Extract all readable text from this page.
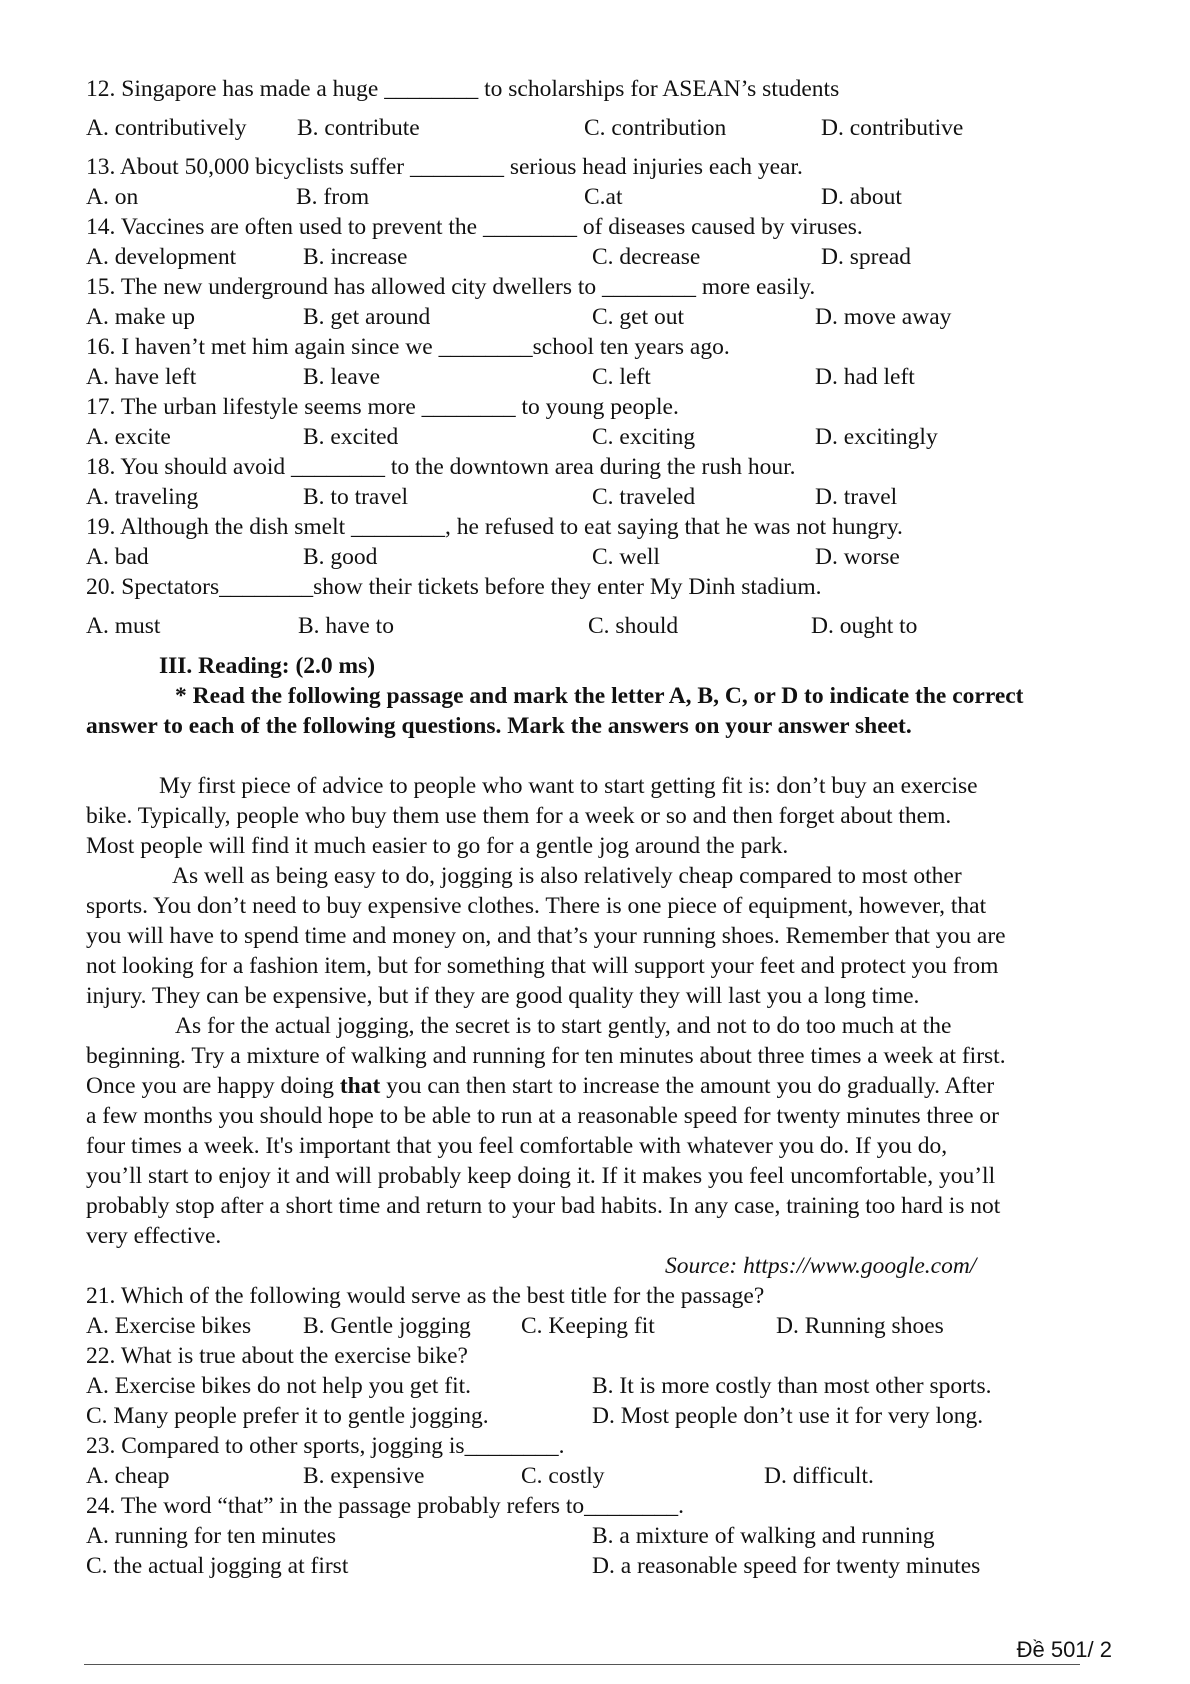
12. Singapore has made a huge ________ to scholarships for ASEAN’s students
A. contributively B. contribute	C. contribution	D. contributive
13. About 50,000 bicyclists suffer ________ serious head injuries each year.
A. on	B. from	C.at	D. about
14. Vaccines are often used to prevent the ________ of diseases caused by viruses.
A. development	B. increase	C. decrease	D. spread
15. The new underground has allowed city dwellers to ________ more easily.
A. make up	B. get around	C. get out	D. move away
16. I haven’t met him again since we ________school ten years ago.
A. have left	B. leave	C. left	D. had left
17. The urban lifestyle seems more ________ to young people.
A. excite	B. excited	C. exciting	D. excitingly
18. You should avoid ________ to the downtown area during the rush hour.
A. traveling	B. to travel	C. traveled	D. travel
19. Although the dish smelt ________, he refused to eat saying that he was not hungry.
A. bad	B. good	C. well	D. worse
20. Spectators________show their tickets before they enter My Dinh stadium.
A. must	B. have to	C. should	D. ought to
III. Reading: (2.0 ms)
* Read the following passage and mark the letter A, B, C, or D to indicate the correct
answer to each of the following questions. Mark the answers on your answer sheet.
My first piece of advice to people who want to start getting fit is: don’t buy an exercise
bike. Typically, people who buy them use them for a week or so and then forget about them.
Most people will find it much easier to go for a gentle jog around the park.
As well as being easy to do, jogging is also relatively cheap compared to most other
sports. You don’t need to buy expensive clothes. There is one piece of equipment, however, that
you will have to spend time and money on, and that’s your running shoes. Remember that you are
not looking for a fashion item, but for something that will support your feet and protect you from
injury. They can be expensive, but if they are good quality they will last you a long time.
As for the actual jogging, the secret is to start gently, and not to do too much at the
beginning. Try a mixture of walking and running for ten minutes about three times a week at first.
Once you are happy doing that you can then start to increase the amount you do gradually. After
a few months you should hope to be able to run at a reasonable speed for twenty minutes three or
four times a week. It's important that you feel comfortable with whatever you do. If you do,
you’ll start to enjoy it and will probably keep doing it. If it makes you feel uncomfortable, you’ll
probably stop after a short time and return to your bad habits. In any case, training too hard is not
very effective.
Source: https://www.google.com/
21. Which of the following would serve as the best title for the passage?
A. Exercise bikes B. Gentle jogging C. Keeping fit	D. Running shoes
22. What is true about the exercise bike?
A. Exercise bikes do not help you get fit.	B. It is more costly than most other sports.
C. Many people prefer it to gentle jogging.	D. Most people don’t use it for very long.
23. Compared to other sports, jogging is________.
A. cheap	B. expensive	C. costly	D. difficult.
24. The word “that” in the passage probably refers to________.
A. running for ten minutes	B. a mixture of walking and running
C. the actual jogging at first	D. a reasonable speed for twenty minutes
Đề 501/ 2
